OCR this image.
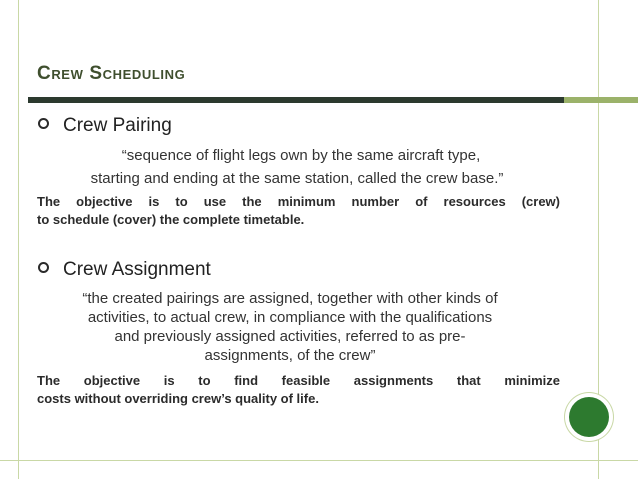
Crew Scheduling
Crew Pairing
“sequence of flight legs own by the same aircraft type,
starting and ending at the same station, called the crew base.”
The objective is to use the minimum number of resources (crew)
to schedule (cover) the complete timetable.
Crew Assignment
“the created pairings are assigned, together with other kinds of
activities, to actual crew, in compliance with the qualifications
and previously assigned activities, referred to as pre-
assignments, of the crew”
The objective is to find feasible assignments that minimize
costs without overriding crew’s quality of life.
